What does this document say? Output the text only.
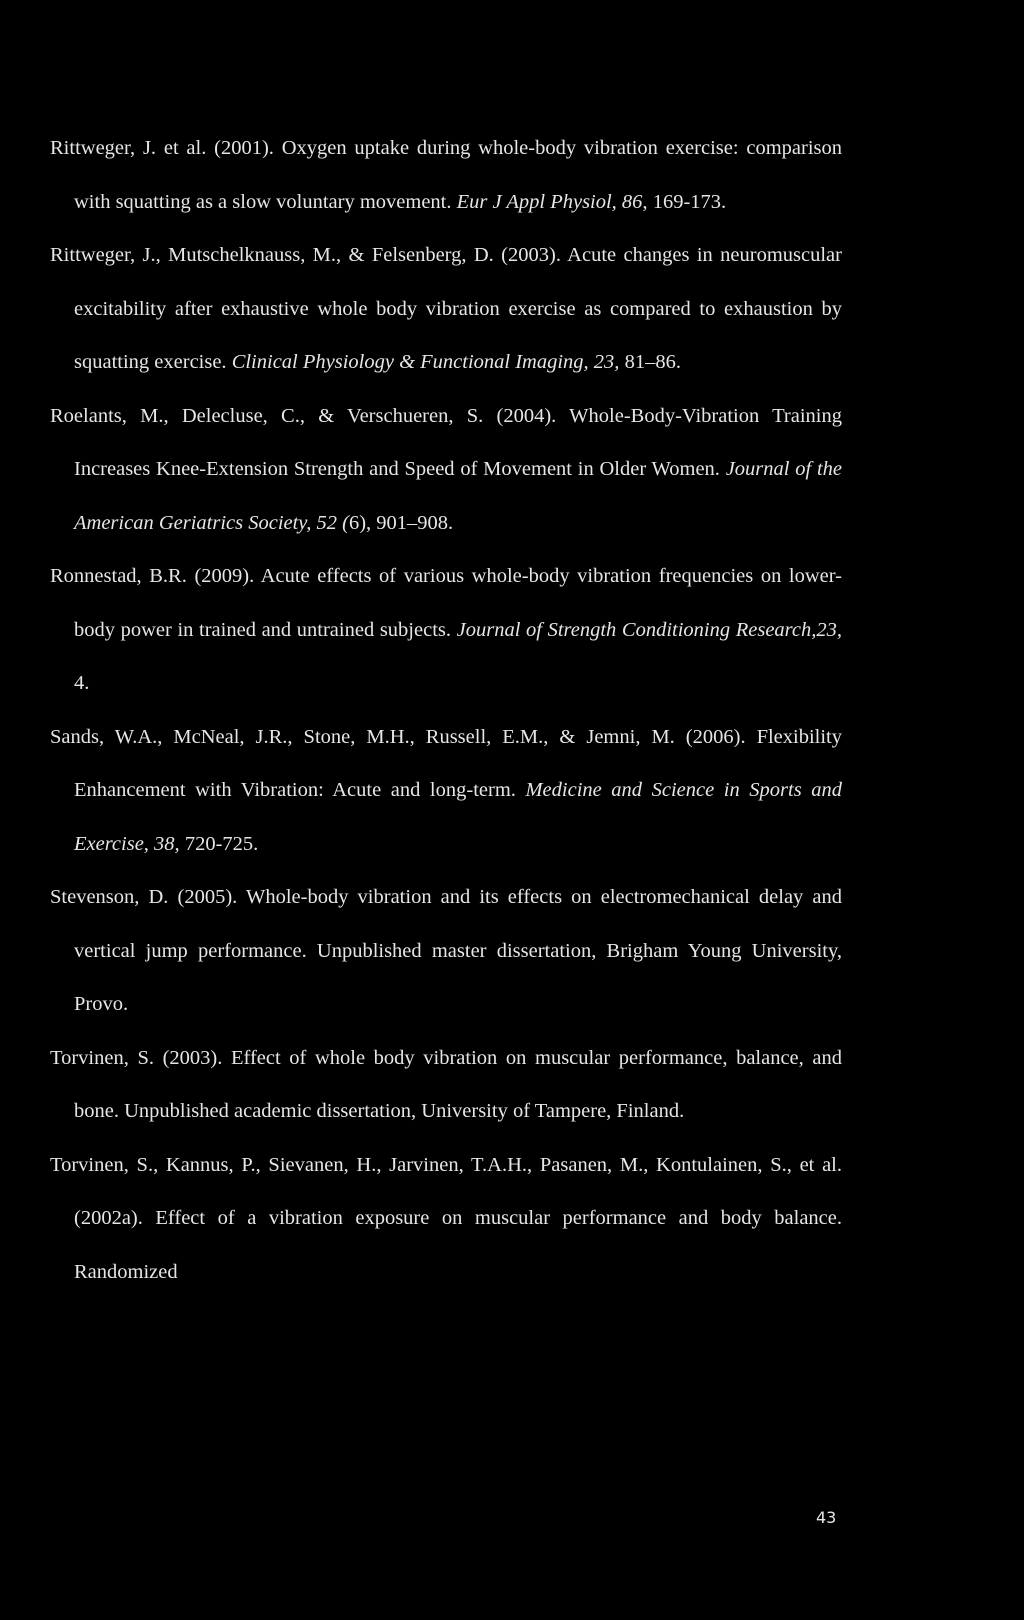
Rittweger, J. et al. (2001). Oxygen uptake during whole-body vibration exercise: comparison with squatting as a slow voluntary movement. Eur J Appl Physiol, 86, 169-173.

Rittweger, J., Mutschelknauss, M., & Felsenberg, D. (2003). Acute changes in neuromuscular excitability after exhaustive whole body vibration exercise as compared to exhaustion by squatting exercise. Clinical Physiology & Functional Imaging, 23, 81–86.

Roelants, M., Delecluse, C., & Verschueren, S. (2004). Whole-Body-Vibration Training Increases Knee-Extension Strength and Speed of Movement in Older Women. Journal of the American Geriatrics Society, 52 (6), 901–908.

Ronnestad, B.R. (2009). Acute effects of various whole-body vibration frequencies on lower-body power in trained and untrained subjects. Journal of Strength Conditioning Research,23, 4.

Sands, W.A., McNeal, J.R., Stone, M.H., Russell, E.M., & Jemni, M. (2006). Flexibility Enhancement with Vibration: Acute and long-term. Medicine and Science in Sports and Exercise, 38, 720-725.

Stevenson, D. (2005). Whole-body vibration and its effects on electromechanical delay and vertical jump performance. Unpublished master dissertation, Brigham Young University, Provo.

Torvinen, S. (2003). Effect of whole body vibration on muscular performance, balance, and bone. Unpublished academic dissertation, University of Tampere, Finland.

Torvinen, S., Kannus, P., Sievanen, H., Jarvinen, T.A.H., Pasanen, M., Kontulainen, S., et al. (2002a). Effect of a vibration exposure on muscular performance and body balance. Randomized

43
